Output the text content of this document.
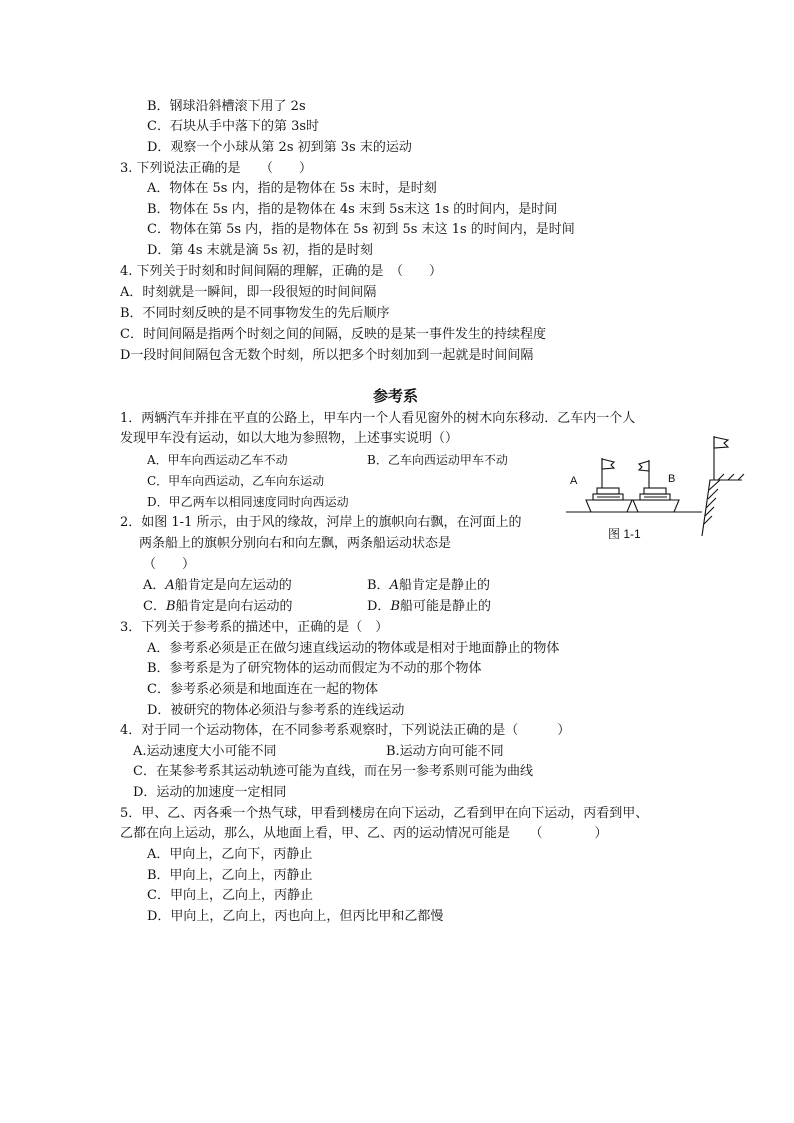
B．钢球沿斜槽滚下用了 2s
C．石块从手中落下的第 3s时
D．观察一个小球从第 2s 初到第 3s 末的运动
3. 下列说法正确的是　　（　　）
A．物体在 5s 内，指的是物体在 5s 末时，是时刻
B．物体在 5s 内，指的是物体在 4s 末到 5s末这 1s 的时间内，是时间
C．物体在第 5s 内，指的是物体在 5s 初到 5s 末这 1s 的时间内，是时间
D．第 4s 末就是滴 5s 初，指的是时刻
4. 下列关于时刻和时间间隔的理解，正确的是　（　　）
A．时刻就是一瞬间，即一段很短的时间间隔
B．不同时刻反映的是不同事物发生的先后顺序
C．时间间隔是指两个时刻之间的间隔，反映的是某一事件发生的持续程度
D一段时间间隔包含无数个时刻，所以把多个时刻加到一起就是时间间隔
参考系
1．两辆汽车并排在平直的公路上，甲车内一个人看见窗外的树木向东移动．乙车内一个人
发现甲车没有运动，如以大地为参照物，上述事实说明（）
A．甲车向西运动乙车不动	B．乙车向西运动甲车不动
C．甲车向西运动，乙车向东运动
D．甲乙两车以相同速度同时向西运动
2．如图 1-1 所示，由于风的缘故，河岸上的旗帜向右飘，在河面上的
两条船上的旗帜分别向右和向左飘，两条船运动状态是
（　　）
A．A船肯定是向左运动的	B．A船肯定是静止的
C．B船肯定是向右运动的	D．B船可能是静止的
A	B
图 1-1
3．下列关于参考系的描述中，正确的是（　）
A．参考系必须是正在做匀速直线运动的物体或是相对于地面静止的物体
B．参考系是为了研究物体的运动而假定为不动的那个物体
C．参考系必须是和地面连在一起的物体
D．被研究的物体必须沿与参考系的连线运动
4．对于同一个运动物体，在不同参考系观察时，下列说法正确的是（　　　）
A.运动速度大小可能不同	B.运动方向可能不同
C．在某参考系其运动轨迹可能为直线，而在另一参考系则可能为曲线
D．运动的加速度一定相同
5．甲、乙、丙各乘一个热气球，甲看到楼房在向下运动，乙看到甲在向下运动，丙看到甲、
乙都在向上运动，那么，从地面上看，甲、乙、丙的运动情况可能是　　（　　　　）
A．甲向上，乙向下，丙静止
B．甲向上，乙向上，丙静止
C．甲向上，乙向上，丙静止
D．甲向上，乙向上，丙也向上，但丙比甲和乙都慢
